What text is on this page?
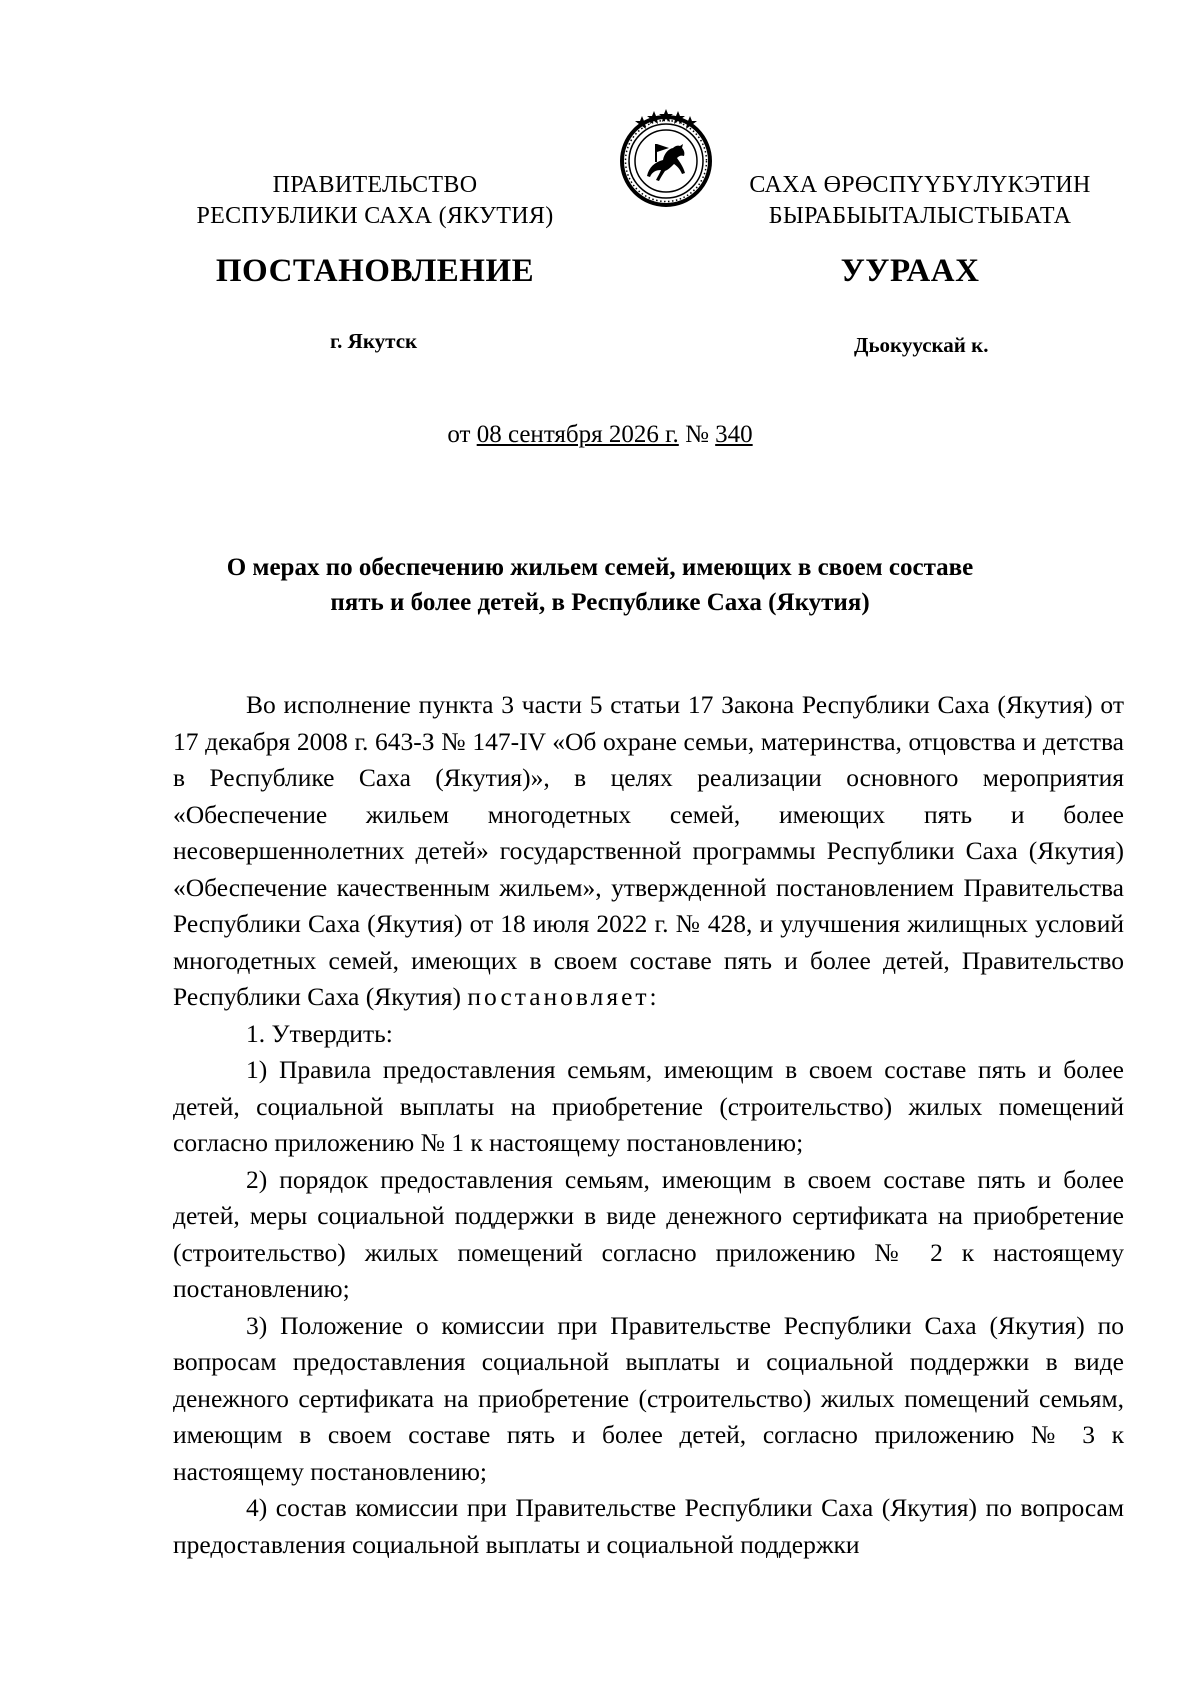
ПРАВИТЕЛЬСТВО
РЕСПУБЛИКИ САХА (ЯКУТИЯ)
САХА ӨРӨСПҮҮБҮЛҮКЭТИН
БЫРАБЫЫТАЛЫСТЫБАТА
ПОСТАНОВЛЕНИЕ	УУРААХ
г. Якутск	Дьокуускай к.
от 08 сентября 2026 г. № 340
О мерах по обеспечению жильем семей, имеющих в своем составе
пять и более детей, в Республике Саха (Якутия)

Во исполнение пункта 3 части 5 статьи 17 Закона Республики Саха (Якутия) от 17 декабря 2008 г. 643-З № 147-IV «Об охране семьи, материнства, отцовства и детства в Республике Саха (Якутия)», в целях реализации основного мероприятия «Обеспечение жильем многодетных семей, имеющих пять и более несовершеннолетних детей» государственной программы Республики Саха (Якутия) «Обеспечение качественным жильем», утвержденной постановлением Правительства Республики Саха (Якутия) от 18 июля 2022 г. № 428, и улучшения жилищных условий многодетных семей, имеющих в своем составе пять и более детей, Правительство Республики Саха (Якутия) постановляет:

1. Утвердить:

1) Правила предоставления семьям, имеющим в своем составе пять и более детей, социальной выплаты на приобретение (строительство) жилых помещений согласно приложению № 1 к настоящему постановлению;

2) порядок предоставления семьям, имеющим в своем составе пять и более детей, меры социальной поддержки в виде денежного сертификата на приобретение (строительство) жилых помещений согласно приложению № 2 к настоящему постановлению;

3) Положение о комиссии при Правительстве Республики Саха (Якутия) по вопросам предоставления социальной выплаты и социальной поддержки в виде денежного сертификата на приобретение (строительство) жилых помещений семьям, имеющим в своем составе пять и более детей, согласно приложению № 3 к настоящему постановлению;

4) состав комиссии при Правительстве Республики Саха (Якутия) по вопросам предоставления социальной выплаты и социальной поддержки
